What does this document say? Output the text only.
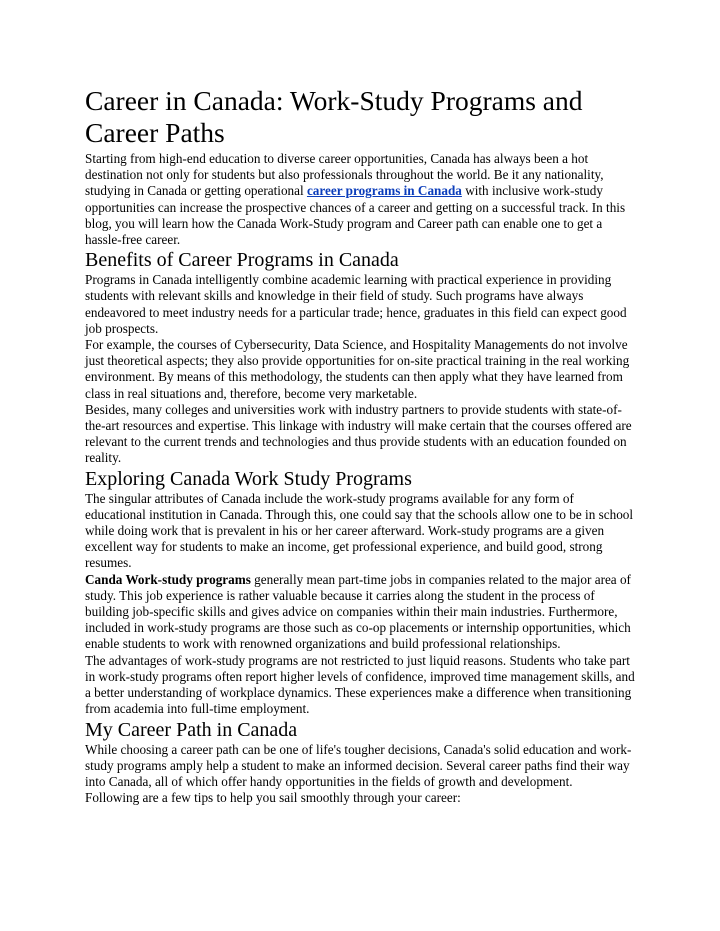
Career in Canada: Work-Study Programs and Career Paths

Starting from high-end education to diverse career opportunities, Canada has always been a hot destination not only for students but also professionals throughout the world. Be it any nationality, studying in Canada or getting operational career programs in Canada with inclusive work-study opportunities can increase the prospective chances of a career and getting on a successful track. In this blog, you will learn how the Canada Work-Study program and Career path can enable one to get a hassle-free career.

Benefits of Career Programs in Canada

Programs in Canada intelligently combine academic learning with practical experience in providing students with relevant skills and knowledge in their field of study. Such programs have always endeavored to meet industry needs for a particular trade; hence, graduates in this field can expect good job prospects.

For example, the courses of Cybersecurity, Data Science, and Hospitality Managements do not involve just theoretical aspects; they also provide opportunities for on-site practical training in the real working environment. By means of this methodology, the students can then apply what they have learned from class in real situations and, therefore, become very marketable.

Besides, many colleges and universities work with industry partners to provide students with state-of-the-art resources and expertise. This linkage with industry will make certain that the courses offered are relevant to the current trends and technologies and thus provide students with an education founded on reality.

Exploring Canada Work Study Programs

The singular attributes of Canada include the work-study programs available for any form of educational institution in Canada. Through this, one could say that the schools allow one to be in school while doing work that is prevalent in his or her career afterward. Work-study programs are a given excellent way for students to make an income, get professional experience, and build good, strong resumes.

Canda Work-study programs generally mean part-time jobs in companies related to the major area of study. This job experience is rather valuable because it carries along the student in the process of building job-specific skills and gives advice on companies within their main industries. Furthermore, included in work-study programs are those such as co-op placements or internship opportunities, which enable students to work with renowned organizations and build professional relationships.

The advantages of work-study programs are not restricted to just liquid reasons. Students who take part in work-study programs often report higher levels of confidence, improved time management skills, and a better understanding of workplace dynamics. These experiences make a difference when transitioning from academia into full-time employment.

My Career Path in Canada

While choosing a career path can be one of life's tougher decisions, Canada's solid education and work-study programs amply help a student to make an informed decision. Several career paths find their way into Canada, all of which offer handy opportunities in the fields of growth and development.

Following are a few tips to help you sail smoothly through your career:
